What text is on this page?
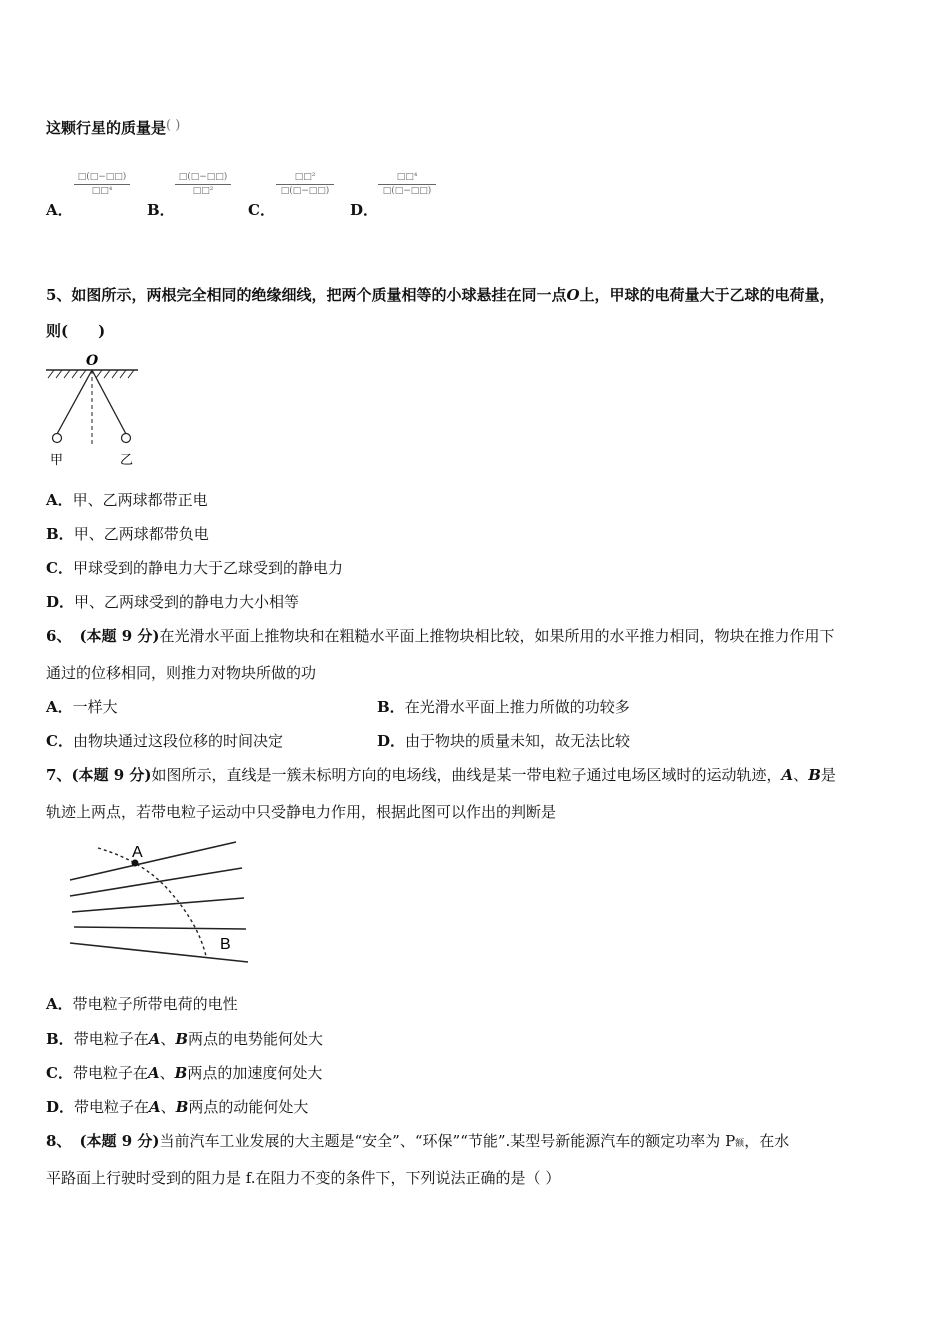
这颗行星的质量是( )
A．
□(□−□□)
□□⁴
B．
□(□−□□)
□□²
C．
□□²
□(□−□□)
D．
□□⁴
□(□−□□)
5、如图所示，两根完全相同的绝缘细线，把两个质量相等的小球悬挂在同一点O上，甲球的电荷量大于乙球的电荷量，
则( )
O
甲	乙
A．甲、乙两球都带正电
B．甲、乙两球都带负电
C．甲球受到的静电力大于乙球受到的静电力
D．甲、乙两球受到的静电力大小相等
6、 (本题 9 分)在光滑水平面上推物块和在粗糙水平面上推物块相比较，如果所用的水平推力相同，物块在推力作用下
通过的位移相同，则推力对物块所做的功
A．一样大	B．在光滑水平面上推力所做的功较多
C．由物块通过这段位移的时间决定	D．由于物块的质量未知，故无法比较
7、(本题 9 分)如图所示，直线是一簇未标明方向的电场线，曲线是某一带电粒子通过电场区域时的运动轨迹，A、B是
轨迹上两点，若带电粒子运动中只受静电力作用，根据此图可以作出的判断是
A
B
A．带电粒子所带电荷的电性
B．带电粒子在A、B两点的电势能何处大
C．带电粒子在A、B两点的加速度何处大
D．带电粒子在A、B两点的动能何处大
8、 (本题 9 分)当前汽车工业发展的大主题是“安全”、“环保”“节能”.某型号新能源汽车的额定功率为 P额，在水
平路面上行驶时受到的阻力是 f.在阻力不变的条件下，下列说法正确的是（ ）
